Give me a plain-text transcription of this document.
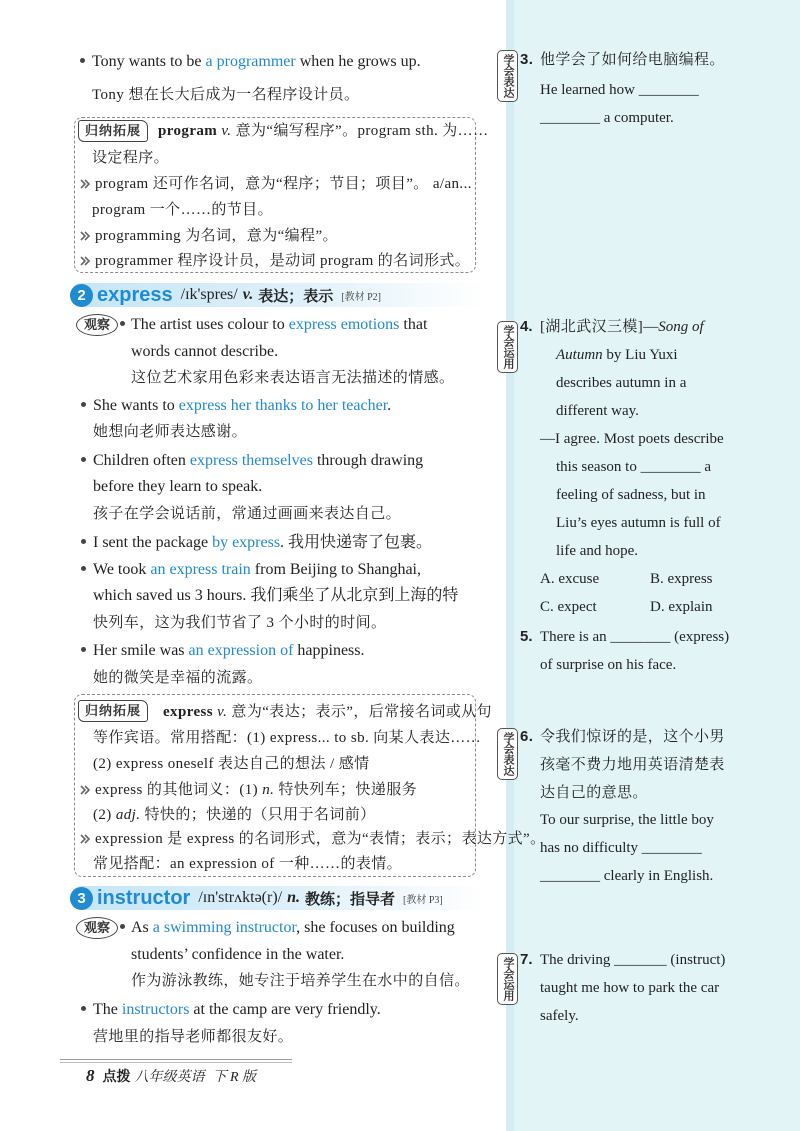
Tony wants to be a programmer when he grows up.
Tony 想在长大后成为一名程序设计员。
归纳拓展	program v. 意为“编写程序”。program sth. 为……
设定程序。
program 还可作名词，意为“程序；节目；项目”。 a/an...
program 一个……的节目。
programming 为名词，意为“编程”。
programmer 程序设计员，是动词 program 的名词形式。
2 express /ɪk'spres/ v. 表达；表示 [教材 P2]
观察	The artist uses colour to express emotions that
words cannot describe.
这位艺术家用色彩来表达语言无法描述的情感。
She wants to express her thanks to her teacher.
她想向老师表达感谢。
Children often express themselves through drawing
before they learn to speak.
孩子在学会说话前，常通过画画来表达自己。
I sent the package by express. 我用快递寄了包裹。
We took an express train from Beijing to Shanghai,
which saved us 3 hours. 我们乘坐了从北京到上海的特
快列车，这为我们节省了 3 个小时的时间。
Her smile was an expression of happiness.
她的微笑是幸福的流露。
归纳拓展	express v. 意为“表达；表示”，后常接名词或从句
等作宾语。常用搭配：(1) express... to sb. 向某人表达……
(2) express oneself 表达自己的想法 / 感情
express 的其他词义：(1) n. 特快列车；快递服务
(2) adj. 特快的；快递的（只用于名词前）
expression 是 express 的名词形式，意为“表情；表示；表达方式”。
常见搭配：an expression of 一种……的表情。
3 instructor /ɪn'strʌktə(r)/ n. 教练；指导者 [教材 P3]
观察	As a swimming instructor, she focuses on building
students’ confidence in the water.
作为游泳教练，她专注于培养学生在水中的自信。
The instructors at the camp are very friendly.
营地里的指导老师都很友好。
8 点拨 八年级英语 下 R 版
学会表达 3. 他学会了如何给电脑编程。
He learned how ________
________ a computer.
学会运用 4. [湖北武汉三模]—Song of
Autumn by Liu Yuxi
describes autumn in a
different way.
—I agree. Most poets describe
this season to ________ a
feeling of sadness, but in
Liu’s eyes autumn is full of
life and hope.
A. excuse	B. express
C. expect	D. explain
5. There is an ________ (express)
of surprise on his face.
学会表达 6. 令我们惊讶的是，这个小男
孩毫不费力地用英语清楚表
达自己的意思。
To our surprise, the little boy
has no difficulty ________
________ clearly in English.
学会运用 7. The driving _______ (instruct)
taught me how to park the car
safely.
